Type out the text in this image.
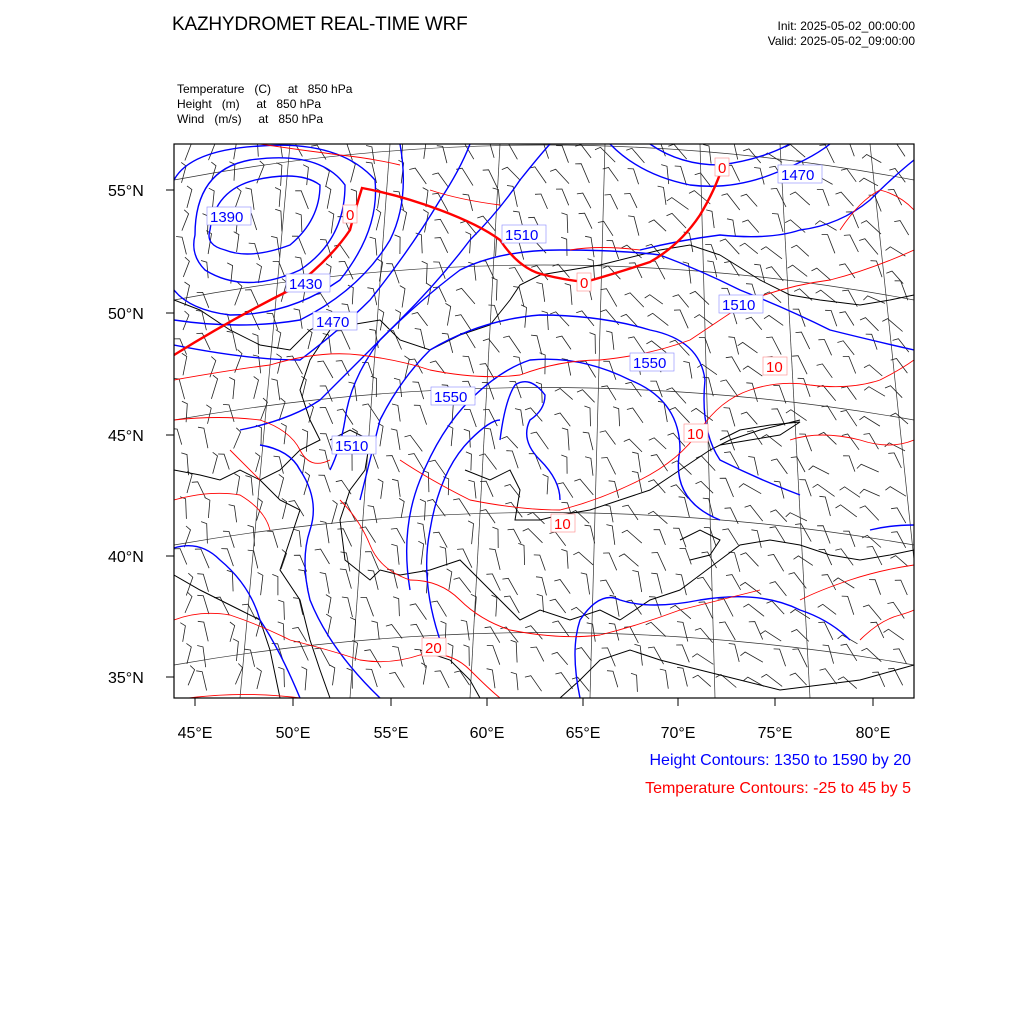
KAZHYDROMET REAL-TIME WRF	Init: 2025-05-02_00:00:00
Valid: 2025-05-02_09:00:00
Temperature   (C)     at   850 hPa
Height   (m)     at   850 hPa
Wind   (m/s)     at   850 hPa
55°N
50°N
45°N
40°N
35°N
45°E	50°E	55°E	60°E	65°E	70°E	75°E	80°E
1390
1430
1470
1510
1510
1550
1550
1510
1470
0
0
0
10
10
10
20
Height Contours: 1350 to 1590 by 20
Temperature Contours: -25 to 45 by 5
